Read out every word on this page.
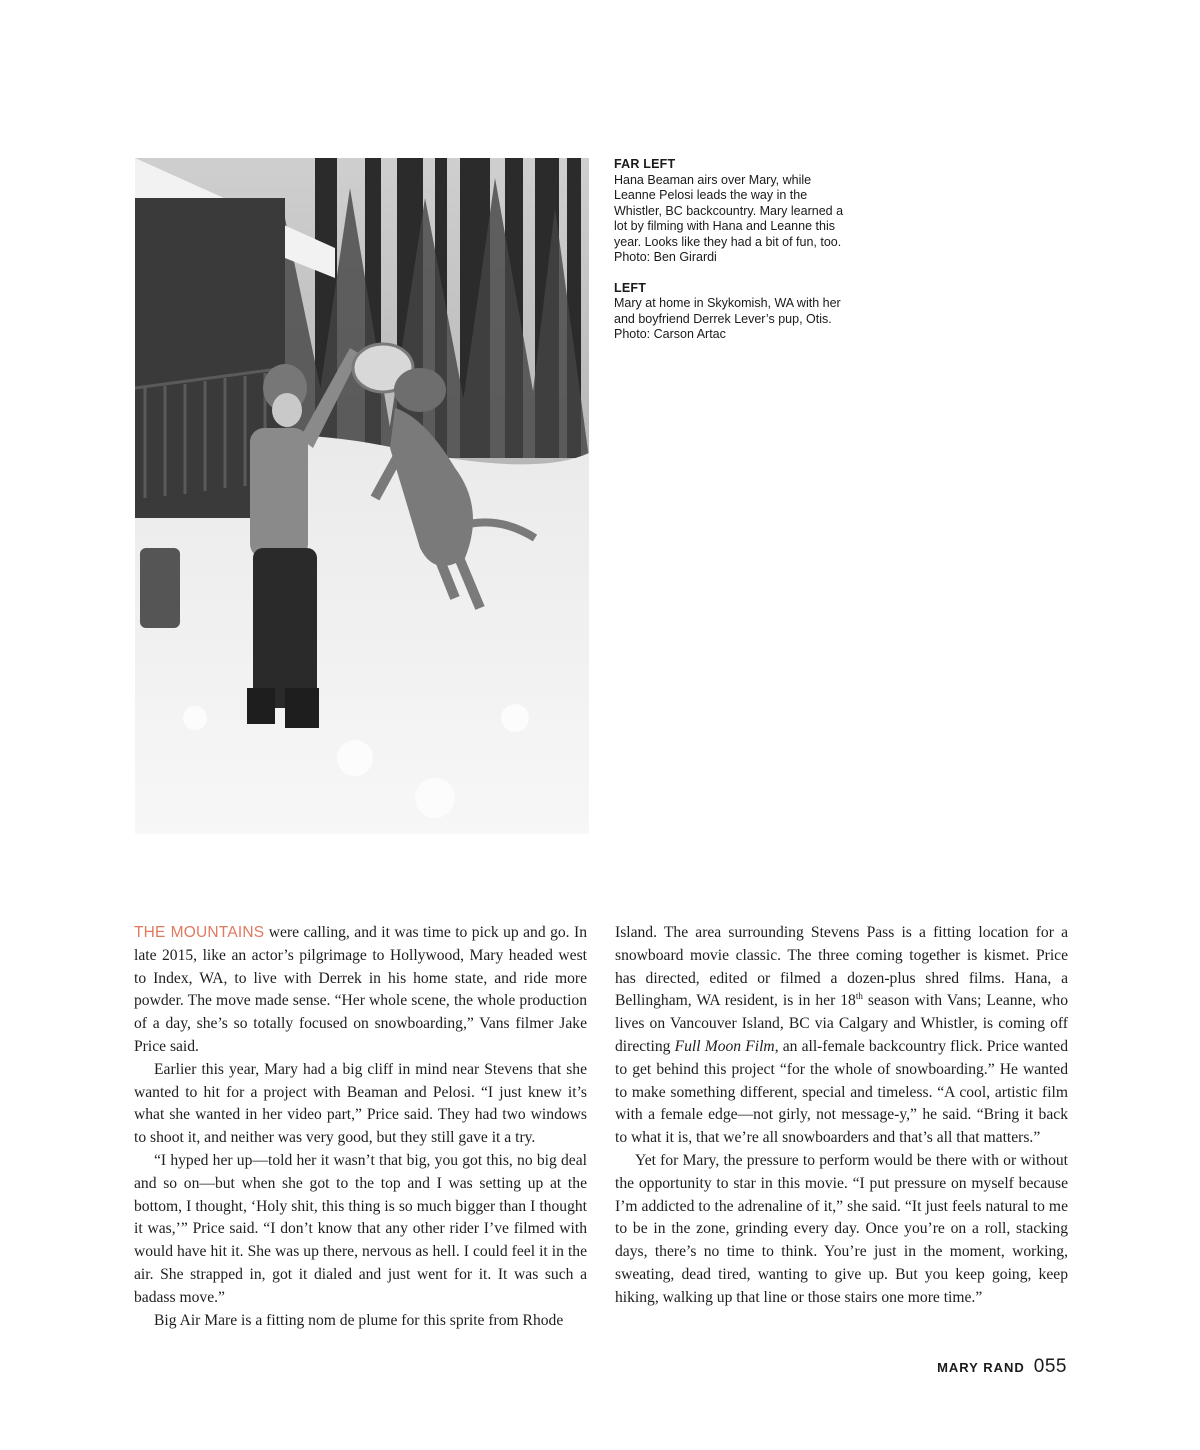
FAR LEFT
Hana Beaman airs over Mary, while Leanne Pelosi leads the way in the Whistler, BC backcountry. Mary learned a lot by filming with Hana and Leanne this year. Looks like they had a bit of fun, too.
Photo: Ben Girardi
LEFT
Mary at home in Skykomish, WA with her and boyfriend Derrek Lever’s pup, Otis.
Photo: Carson Artac

THE MOUNTAINS were calling, and it was time to pick up and go. In late 2015, like an actor’s pilgrimage to Hollywood, Mary headed west to Index, WA, to live with Derrek in his home state, and ride more powder. The move made sense. “Her whole scene, the whole production of a day, she’s so totally focused on snowboarding,” Vans filmer Jake Price said.

Earlier this year, Mary had a big cliff in mind near Stevens that she wanted to hit for a project with Beaman and Pelosi. “I just knew it’s what she wanted in her video part,” Price said. They had two windows to shoot it, and neither was very good, but they still gave it a try.

“I hyped her up—told her it wasn’t that big, you got this, no big deal and so on—but when she got to the top and I was setting up at the bottom, I thought, ‘Holy shit, this thing is so much bigger than I thought it was,’” Price said. “I don’t know that any other rider I’ve filmed with would have hit it. She was up there, nervous as hell. I could feel it in the air. She strapped in, got it dialed and just went for it. It was such a badass move.”

Big Air Mare is a fitting nom de plume for this sprite from Rhode

Island. The area surrounding Stevens Pass is a fitting location for a snowboard movie classic. The three coming together is kismet. Price has directed, edited or filmed a dozen-plus shred films. Hana, a Bellingham, WA resident, is in her 18th season with Vans; Leanne, who lives on Vancouver Island, BC via Calgary and Whistler, is coming off directing Full Moon Film, an all-female backcountry flick. Price wanted to get behind this project “for the whole of snowboarding.” He wanted to make something different, special and timeless. “A cool, artistic film with a female edge—not girly, not message-y,” he said. “Bring it back to what it is, that we’re all snowboarders and that’s all that matters.”

Yet for Mary, the pressure to perform would be there with or without the opportunity to star in this movie. “I put pressure on myself because I’m addicted to the adrenaline of it,” she said. “It just feels natural to me to be in the zone, grinding every day. Once you’re on a roll, stacking days, there’s no time to think. You’re just in the moment, working, sweating, dead tired, wanting to give up. But you keep going, keep hiking, walking up that line or those stairs one more time.”

MARY RAND 055
